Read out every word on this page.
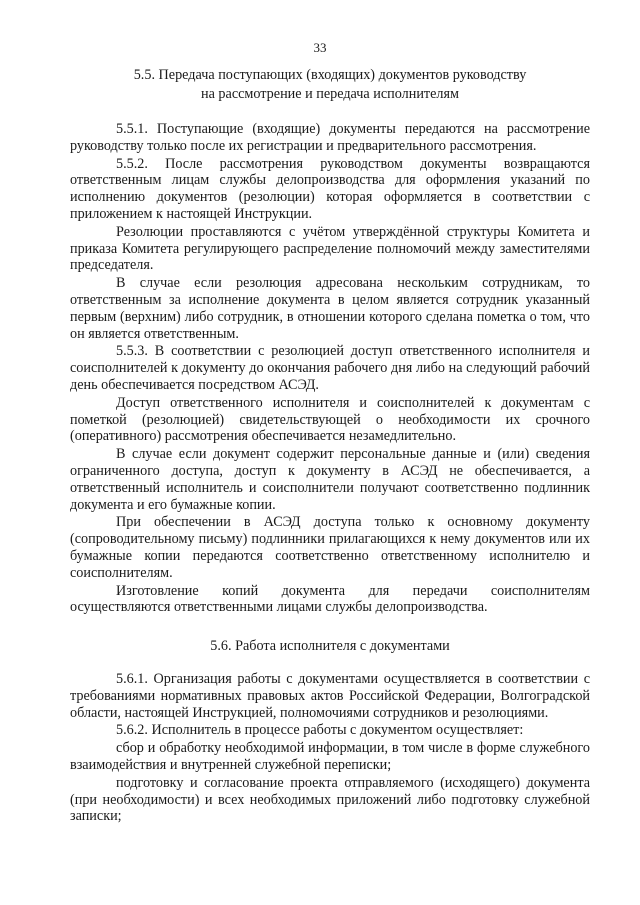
33
5.5. Передача поступающих (входящих) документов руководству
на рассмотрение и передача исполнителям

5.5.1. Поступающие (входящие) документы передаются на рассмотрение руководству только после их регистрации и предварительного рассмотрения.

5.5.2. После рассмотрения руководством документы возвращаются ответственным лицам службы делопроизводства для оформления указаний по исполнению документов (резолюции) которая оформляется в соответствии с приложением к настоящей Инструкции.

Резолюции проставляются с учётом утверждённой структуры Комитета и приказа Комитета регулирующего распределение полномочий между заместителями председателя.

В случае если резолюция адресована нескольким сотрудникам, то ответственным за исполнение документа в целом является сотрудник указанный первым (верхним) либо сотрудник, в отношении которого сделана пометка о том, что он является ответственным.

5.5.3. В соответствии с резолюцией доступ ответственного исполнителя и соисполнителей к документу до окончания рабочего дня либо на следующий рабочий день обеспечивается посредством АСЭД.

Доступ ответственного исполнителя и соисполнителей к документам с пометкой (резолюцией) свидетельствующей о необходимости их срочного (оперативного) рассмотрения обеспечивается незамедлительно.

В случае если документ содержит персональные данные и (или) сведения ограниченного доступа, доступ к документу в АСЭД не обеспечивается, а ответственный исполнитель и соисполнители получают соответственно подлинник документа и его бумажные копии.

При обеспечении в АСЭД доступа только к основному документу (сопроводительному письму) подлинники прилагающихся к нему документов или их бумажные копии передаются соответственно ответственному исполнителю и соисполнителям.

Изготовление копий документа для передачи соисполнителям осуществляются ответственными лицами службы делопроизводства.

5.6. Работа исполнителя с документами

5.6.1. Организация работы с документами осуществляется в соответствии с требованиями нормативных правовых актов Российской Федерации, Волгоградской области, настоящей Инструкцией, полномочиями сотрудников и резолюциями.

5.6.2. Исполнитель в процессе работы с документом осуществляет:

сбор и обработку необходимой информации, в том числе в форме служебного взаимодействия и внутренней служебной переписки;

подготовку и согласование проекта отправляемого (исходящего) документа (при необходимости) и всех необходимых приложений либо подготовку служебной записки;
